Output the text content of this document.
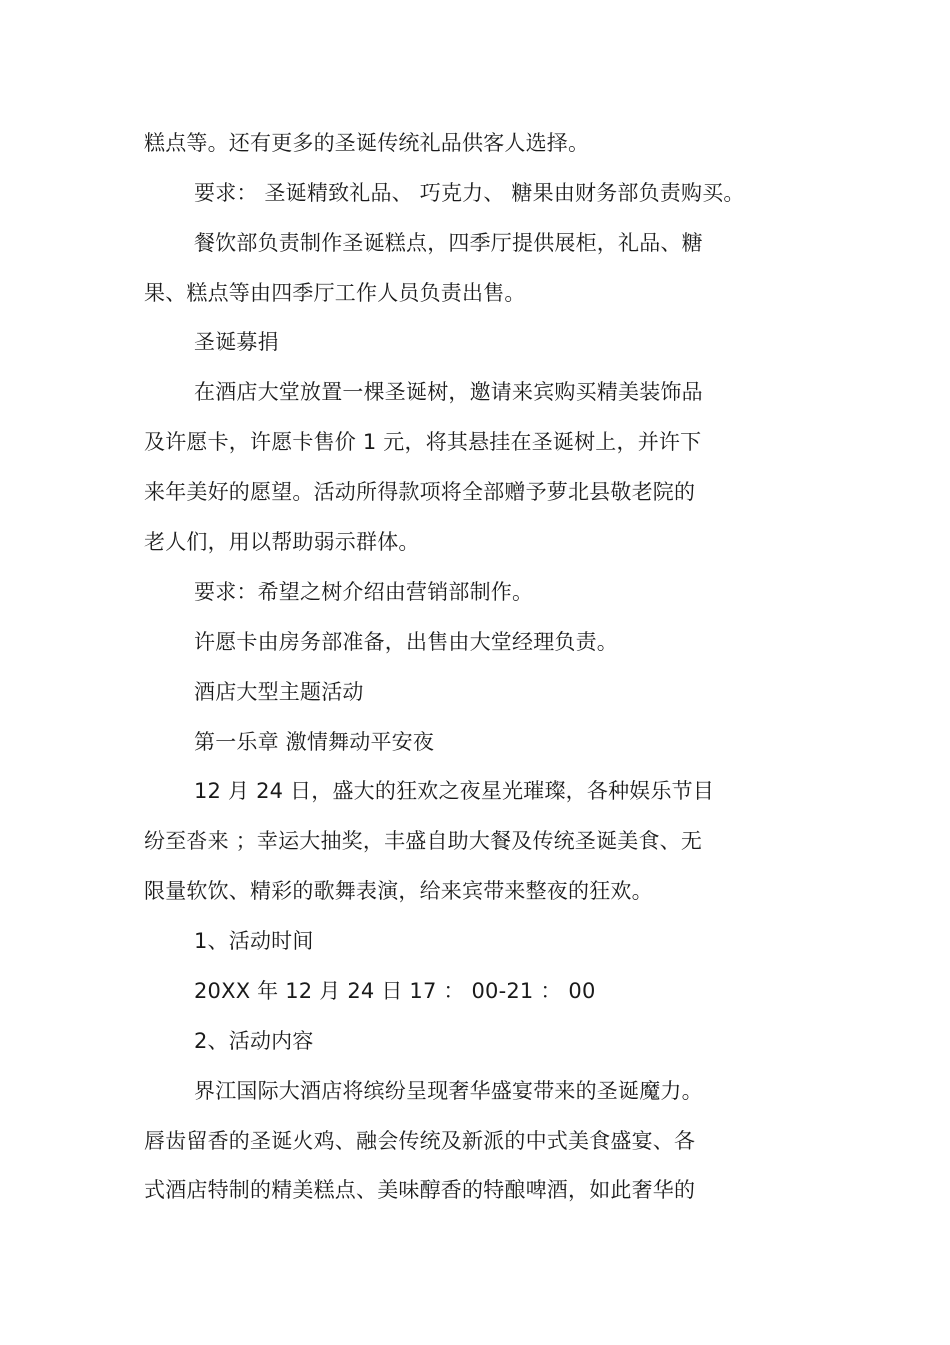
糕点等。还有更多的圣诞传统礼品供客人选择。
要求： 圣诞精致礼品、 巧克力、 糖果由财务部负责购买。
餐饮部负责制作圣诞糕点，四季厅提供展柜，礼品、糖
果、糕点等由四季厅工作人员负责出售。
圣诞募捐
在酒店大堂放置一棵圣诞树，邀请来宾购买精美装饰品
及许愿卡，许愿卡售价 1 元，将其悬挂在圣诞树上，并许下
来年美好的愿望。活动所得款项将全部赠予萝北县敬老院的
老人们，用以帮助弱示群体。
要求：希望之树介绍由营销部制作。
许愿卡由房务部准备，出售由大堂经理负责。
酒店大型主题活动
第一乐章 激情舞动平安夜
12 月 24 日，盛大的狂欢之夜星光璀璨，各种娱乐节目
纷至沓来 ；幸运大抽奖，丰盛自助大餐及传统圣诞美食、无
限量软饮、精彩的歌舞表演，给来宾带来整夜的狂欢。
1、活动时间
20XX 年 12 月 24 日 17 ： 00-21 ： 00
2、活动内容
界江国际大酒店将缤纷呈现奢华盛宴带来的圣诞魔力。
唇齿留香的圣诞火鸡、融会传统及新派的中式美食盛宴、各
式酒店特制的精美糕点、美味醇香的特酿啤酒，如此奢华的
